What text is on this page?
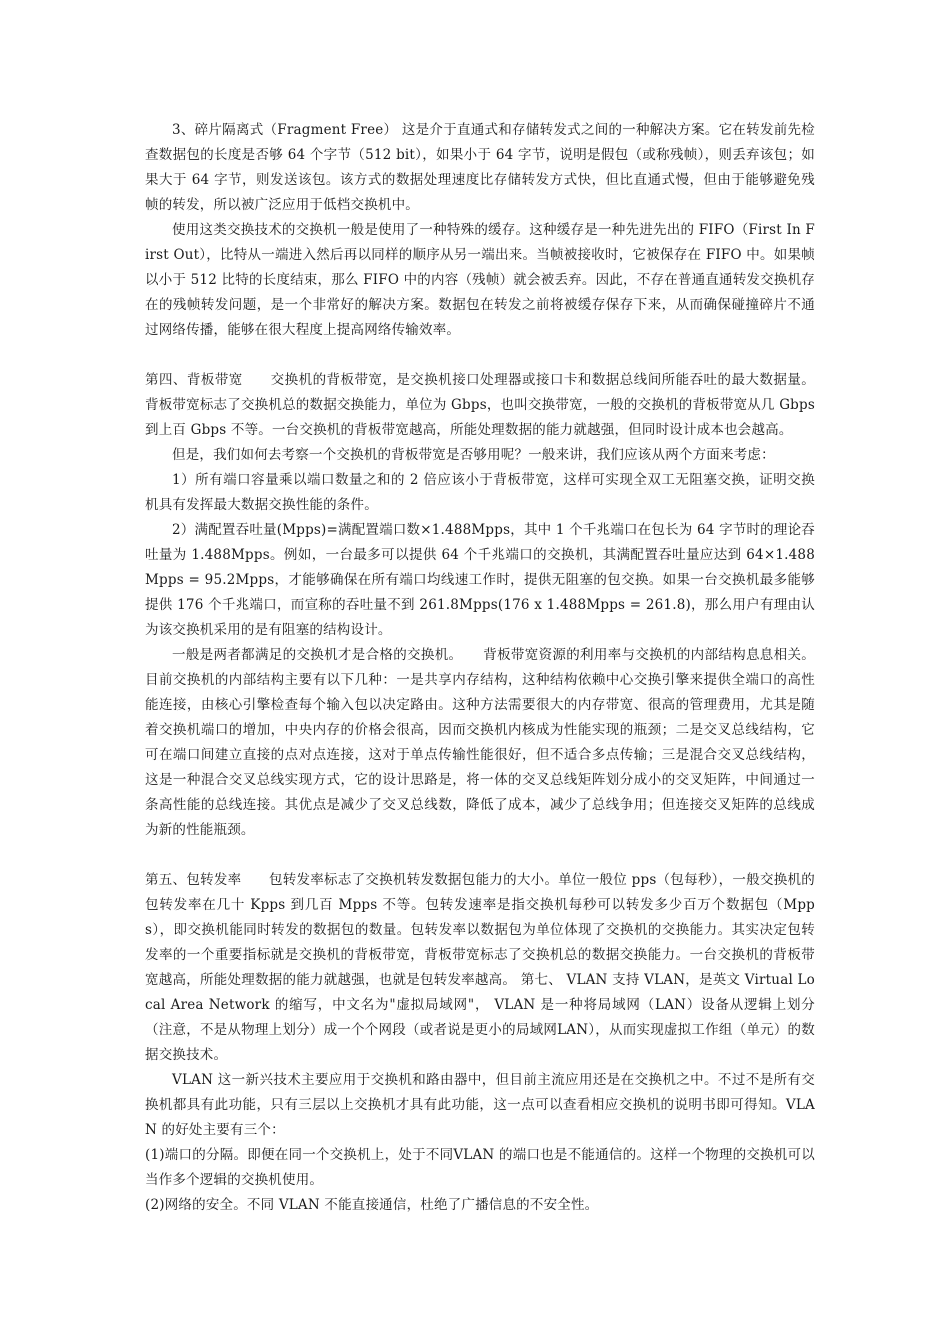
3、碎片隔离式（Fragment Free） 这是介于直通式和存储转发式之间的一种解决方案。它在转发前先检查数据包的长度是否够 64 个字节（512 bit），如果小于 64 字节，说明是假包（或称残帧），则丢弃该包；如果大于 64 字节，则发送该包。该方式的数据处理速度比存储转发方式快，但比直通式慢，但由于能够避免残帧的转发，所以被广泛应用于低档交换机中。

使用这类交换技术的交换机一般是使用了一种特殊的缓存。这种缓存是一种先进先出的 FIFO（First In First Out），比特从一端进入然后再以同样的顺序从另一端出来。当帧被接收时，它被保存在 FIFO 中。如果帧以小于 512 比特的长度结束，那么 FIFO 中的内容（残帧）就会被丢弃。因此，不存在普通直通转发交换机存在的残帧转发问题，是一个非常好的解决方案。数据包在转发之前将被缓存保存下来，从而确保碰撞碎片不通过网络传播，能够在很大程度上提高网络传输效率。

第四、背板带宽　　交换机的背板带宽，是交换机接口处理器或接口卡和数据总线间所能吞吐的最大数据量。背板带宽标志了交换机总的数据交换能力，单位为 Gbps，也叫交换带宽，一般的交换机的背板带宽从几 Gbps 到上百 Gbps 不等。一台交换机的背板带宽越高，所能处理数据的能力就越强，但同时设计成本也会越高。

但是，我们如何去考察一个交换机的背板带宽是否够用呢？一般来讲，我们应该从两个方面来考虑：

1）所有端口容量乘以端口数量之和的 2 倍应该小于背板带宽，这样可实现全双工无阻塞交换，证明交换机具有发挥最大数据交换性能的条件。

2）满配置吞吐量(Mpps)=满配置端口数×1.488Mpps，其中 1 个千兆端口在包长为 64 字节时的理论吞吐量为 1.488Mpps。例如，一台最多可以提供 64 个千兆端口的交换机，其满配置吞吐量应达到 64×1.488Mpps = 95.2Mpps，才能够确保在所有端口均线速工作时，提供无阻塞的包交换。如果一台交换机最多能够提供 176 个千兆端口，而宣称的吞吐量不到 261.8Mpps(176 x 1.488Mpps = 261.8)，那么用户有理由认为该交换机采用的是有阻塞的结构设计。

一般是两者都满足的交换机才是合格的交换机。　　背板带宽资源的利用率与交换机的内部结构息息相关。目前交换机的内部结构主要有以下几种：一是共享内存结构，这种结构依赖中心交换引擎来提供全端口的高性能连接，由核心引擎检查每个输入包以决定路由。这种方法需要很大的内存带宽、很高的管理费用，尤其是随着交换机端口的增加，中央内存的价格会很高，因而交换机内核成为性能实现的瓶颈；二是交叉总线结构，它可在端口间建立直接的点对点连接，这对于单点传输性能很好，但不适合多点传输；三是混合交叉总线结构，这是一种混合交叉总线实现方式，它的设计思路是，将一体的交叉总线矩阵划分成小的交叉矩阵，中间通过一条高性能的总线连接。其优点是减少了交叉总线数，降低了成本，减少了总线争用；但连接交叉矩阵的总线成为新的性能瓶颈。

第五、包转发率　　包转发率标志了交换机转发数据包能力的大小。单位一般位 pps（包每秒），一般交换机的包转发率在几十 Kpps 到几百 Mpps 不等。包转发速率是指交换机每秒可以转发多少百万个数据包（Mpps），即交换机能同时转发的数据包的数量。包转发率以数据包为单位体现了交换机的交换能力。其实决定包转发率的一个重要指标就是交换机的背板带宽，背板带宽标志了交换机总的数据交换能力。一台交换机的背板带宽越高，所能处理数据的能力就越强，也就是包转发率越高。 第七、 VLAN 支持 VLAN，是英文 Virtual Local Area Network 的缩写，中文名为"虚拟局域网"， VLAN 是一种将局域网（LAN）设备从逻辑上划分（注意，不是从物理上划分）成一个个网段（或者说是更小的局域网LAN），从而实现虚拟工作组（单元）的数据交换技术。

VLAN 这一新兴技术主要应用于交换机和路由器中，但目前主流应用还是在交换机之中。不过不是所有交换机都具有此功能，只有三层以上交换机才具有此功能，这一点可以查看相应交换机的说明书即可得知。VLAN 的好处主要有三个：

(1)端口的分隔。即便在同一个交换机上，处于不同VLAN 的端口也是不能通信的。这样一个物理的交换机可以当作多个逻辑的交换机使用。

(2)网络的安全。不同 VLAN 不能直接通信，杜绝了广播信息的不安全性。
